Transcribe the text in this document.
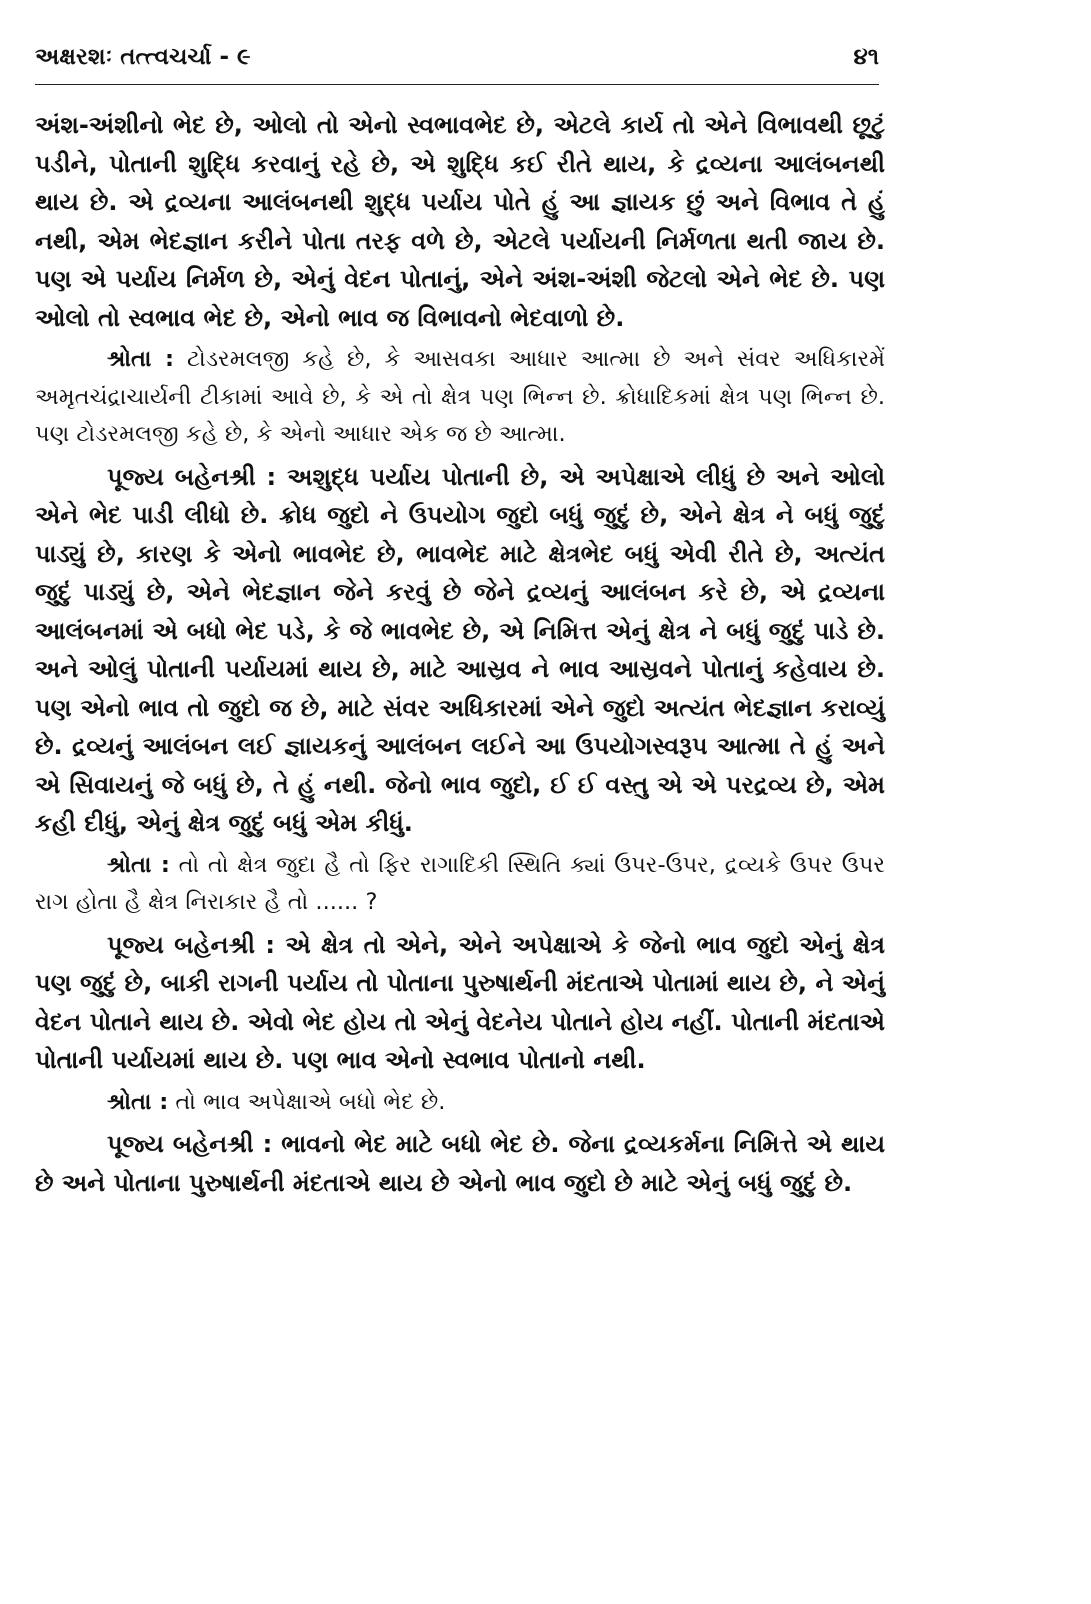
અક્ષરશઃ તત્ત્વચર્ચા - ૯	૪૧

અંશ-અંશીનો ભેદ છે, ઓલો તો એનો સ્વભાવભેદ છે, એટલે કાર્ય તો એને વિભાવથી છૂટું પડીને, પોતાની શુદ્ધિ કરવાનું રહે છે, એ શુદ્ધિ કઈ રીતે થાય, કે દ્રવ્યના આલંબનથી થાય છે. એ દ્રવ્યના આલંબનથી શુદ્ધ પર્યાય પોતે હું આ જ્ઞાયક છું અને વિભાવ તે હું નથી, એમ ભેદજ્ઞાન કરીને પોતા તરફ વળે છે, એટલે પર્યાયની નિર્મળતા થતી જાય છે. પણ એ પર્યાય નિર્મળ છે, એનું વેદન પોતાનું, એને અંશ-અંશી જેટલો એને ભેદ છે. પણ ઓલો તો સ્વભાવ ભેદ છે, એનો ભાવ જ વિભાવનો ભેદવાળો છે.

શ્રોતા : ટોડરમલજી કહે છે, કે આસવકા આધાર આત્મા છે અને સંવર અધિકારમેં અમૃતચંદ્રાચાર્યની ટીકામાં આવે છે, કે એ તો ક્ષેત્ર પણ ભિન્ન છે. ક્રોધાદિકમાં ક્ષેત્ર પણ ભિન્ન છે. પણ ટોડરમલજી કહે છે, કે એનો આધાર એક જ છે આત્મા.

પૂજ્ય બહેનશ્રી : અશુદ્ધ પર્યાય પોતાની છે, એ અપેક્ષાએ લીધું છે અને ઓલો એને ભેદ પાડી લીધો છે. ક્રોધ જુદો ને ઉપયોગ જુદો બધું જુદું છે, એને ક્ષેત્ર ને બધું જુદું પાડ્યું છે, કારણ કે એનો ભાવભેદ છે, ભાવભેદ માટે ક્ષેત્રભેદ બધું એવી રીતે છે, અત્યંત જુદું પાડ્યું છે, એને ભેદજ્ઞાન જેને કરવું છે જેને દ્રવ્યનું આલંબન કરે છે, એ દ્રવ્યના આલંબનમાં એ બધો ભેદ પડે, કે જે ભાવભેદ છે, એ નિમિત્ત એનું ક્ષેત્ર ને બધું જુદું પાડે છે. અને ઓલું પોતાની પર્યાયમાં થાય છે, માટે આસ્રવ ને ભાવ આસ્રવને પોતાનું કહેવાય છે. પણ એનો ભાવ તો જુદો જ છે, માટે સંવર અધિકારમાં એને જુદો અત્યંત ભેદજ્ઞાન કરાવ્યું છે. દ્રવ્યનું આલંબન લઈ જ્ઞાયકનું આલંબન લઈને આ ઉપયોગસ્વરૂપ આત્મા તે હું અને એ સિવાયનું જે બધું છે, તે હું નથી. જેનો ભાવ જુદો, ઈ ઈ વસ્તુ એ એ પરદ્રવ્ય છે, એમ કહી દીધું, એનું ક્ષેત્ર જુદું બધું એમ કીધું.

શ્રોતા : તો તો ક્ષેત્ર જુદા હૈ તો ફિર રાગાદિકી સ્થિતિ ક્યાં ઉપર-ઉપર, દ્રવ્યકે ઉપર ઉપર રાગ હોતા હૈ ક્ષેત્ર નિરાકાર હૈ તો ...... ?

પૂજ્ય બહેનશ્રી : એ ક્ષેત્ર તો એને, એને અપેક્ષાએ કે જેનો ભાવ જુદો એનું ક્ષેત્ર પણ જુદું છે, બાકી રાગની પર્યાય તો પોતાના પુરુષાર્થની મંદતાએ પોતામાં થાય છે, ને એનું વેદન પોતાને થાય છે. એવો ભેદ હોય તો એનું વેદનેય પોતાને હોય નહીં. પોતાની મંદતાએ પોતાની પર્યાયમાં થાય છે. પણ ભાવ એનો સ્વભાવ પોતાનો નથી.

શ્રોતા : તો ભાવ અપેક્ષાએ બધો ભેદ છે.

પૂજ્ય બહેનશ્રી : ભાવનો ભેદ માટે બધો ભેદ છે. જેના દ્રવ્યકર્મના નિમિત્તે એ થાય છે અને પોતાના પુરુષાર્થની મંદતાએ થાય છે એનો ભાવ જુદો છે માટે એનું બધું જુદું છે.
